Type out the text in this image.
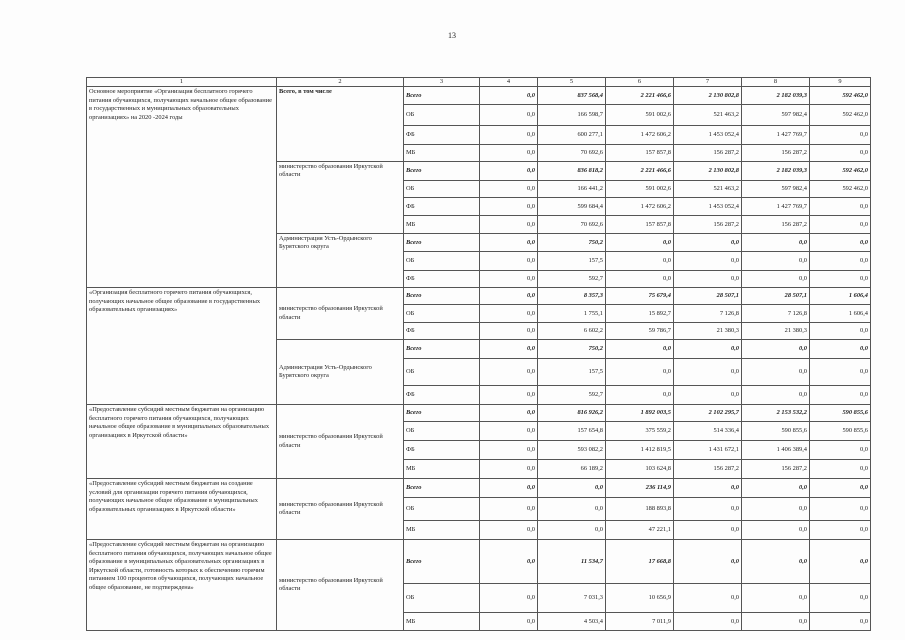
13
1	2	3	4	5	6	7	8	9
Основное мероприятие «Организация бесплатного горячего питания обучающихся, получающих начальное общее образование в государственных и муниципальных образовательных организациях» на 2020 -2024 годы	Всего, в том числе	Всего	0,0	837 568,4	2 221 466,6	2 130 802,8	2 182 039,3	592 462,0
		ОБ	0,0	166 598,7	591 002,6	521 463,2	597 982,4	592 462,0
		ФБ	0,0	600 277,1	1 472 606,2	1 453 052,4	1 427 769,7	0,0
		МБ	0,0	70 692,6	157 857,8	156 287,2	156 287,2	0,0
	министерство образования Иркутской области	Всего	0,0	836 818,2	2 221 466,6	2 130 802,8	2 182 039,3	592 462,0
		ОБ	0,0	166 441,2	591 002,6	521 463,2	597 982,4	592 462,0
		ФБ	0,0	599 684,4	1 472 606,2	1 453 052,4	1 427 769,7	0,0
		МБ	0,0	70 692,6	157 857,8	156 287,2	156 287,2	0,0
	Администрация Усть-Ордынского Бурятского округа	Всего	0,0	750,2	0,0	0,0	0,0	0,0
		ОБ	0,0	157,5	0,0	0,0	0,0	0,0
		ФБ	0,0	592,7	0,0	0,0	0,0	0,0
«Организация бесплатного горячего питания обучающихся, получающих начальное общее образование в государственных образовательных организациях»	министерство образования Иркутской области	Всего	0,0	8 357,3	75 679,4	28 507,1	28 507,1	1 606,4
		ОБ	0,0	1 755,1	15 892,7	7 126,8	7 126,8	1 606,4
		ФБ	0,0	6 602,2	59 786,7	21 380,3	21 380,3	0,0
	Администрация Усть-Ордынского Бурятского округа	Всего	0,0	750,2	0,0	0,0	0,0	0,0
		ОБ	0,0	157,5	0,0	0,0	0,0	0,0
		ФБ	0,0	592,7	0,0	0,0	0,0	0,0
«Предоставление субсидий местным бюджетам на организацию бесплатного горячего питания обучающихся, получающих начальное общее образование в муниципальных образовательных организациях в Иркутской области»	министерство образования Иркутской области	Всего	0,0	816 926,2	1 892 003,5	2 102 295,7	2 153 532,2	590 855,6
		ОБ	0,0	157 654,8	375 559,2	514 336,4	590 855,6	590 855,6
		ФБ	0,0	593 082,2	1 412 819,5	1 431 672,1	1 406 389,4	0,0
		МБ	0,0	66 189,2	103 624,8	156 287,2	156 287,2	0,0
«Предоставление субсидий местным бюджетам на создание условий для организации горячего питания обучающихся, получающих начальное общее образование в муниципальных образовательных организациях в Иркутской области»	министерство образования Иркутской области	Всего	0,0	0,0	236 114,9	0,0	0,0	0,0
		ОБ	0,0	0,0	188 893,8	0,0	0,0	0,0
		МБ	0,0	0,0	47 221,1	0,0	0,0	0,0
«Предоставление субсидий местным бюджетам на организацию бесплатного питания обучающихся, получающих начальное общее образование в муниципальных образовательных организациях в Иркутской области, готовность которых к обеспечению горячим питанием 100 процентов обучающихся, получающих начальное общее образование, не подтверждена»	министерство образования Иркутской области	Всего	0,0	11 534,7	17 668,8	0,0	0,0	0,0
		ОБ	0,0	7 031,3	10 656,9	0,0	0,0	0,0
		МБ	0,0	4 503,4	7 011,9	0,0	0,0	0,0
